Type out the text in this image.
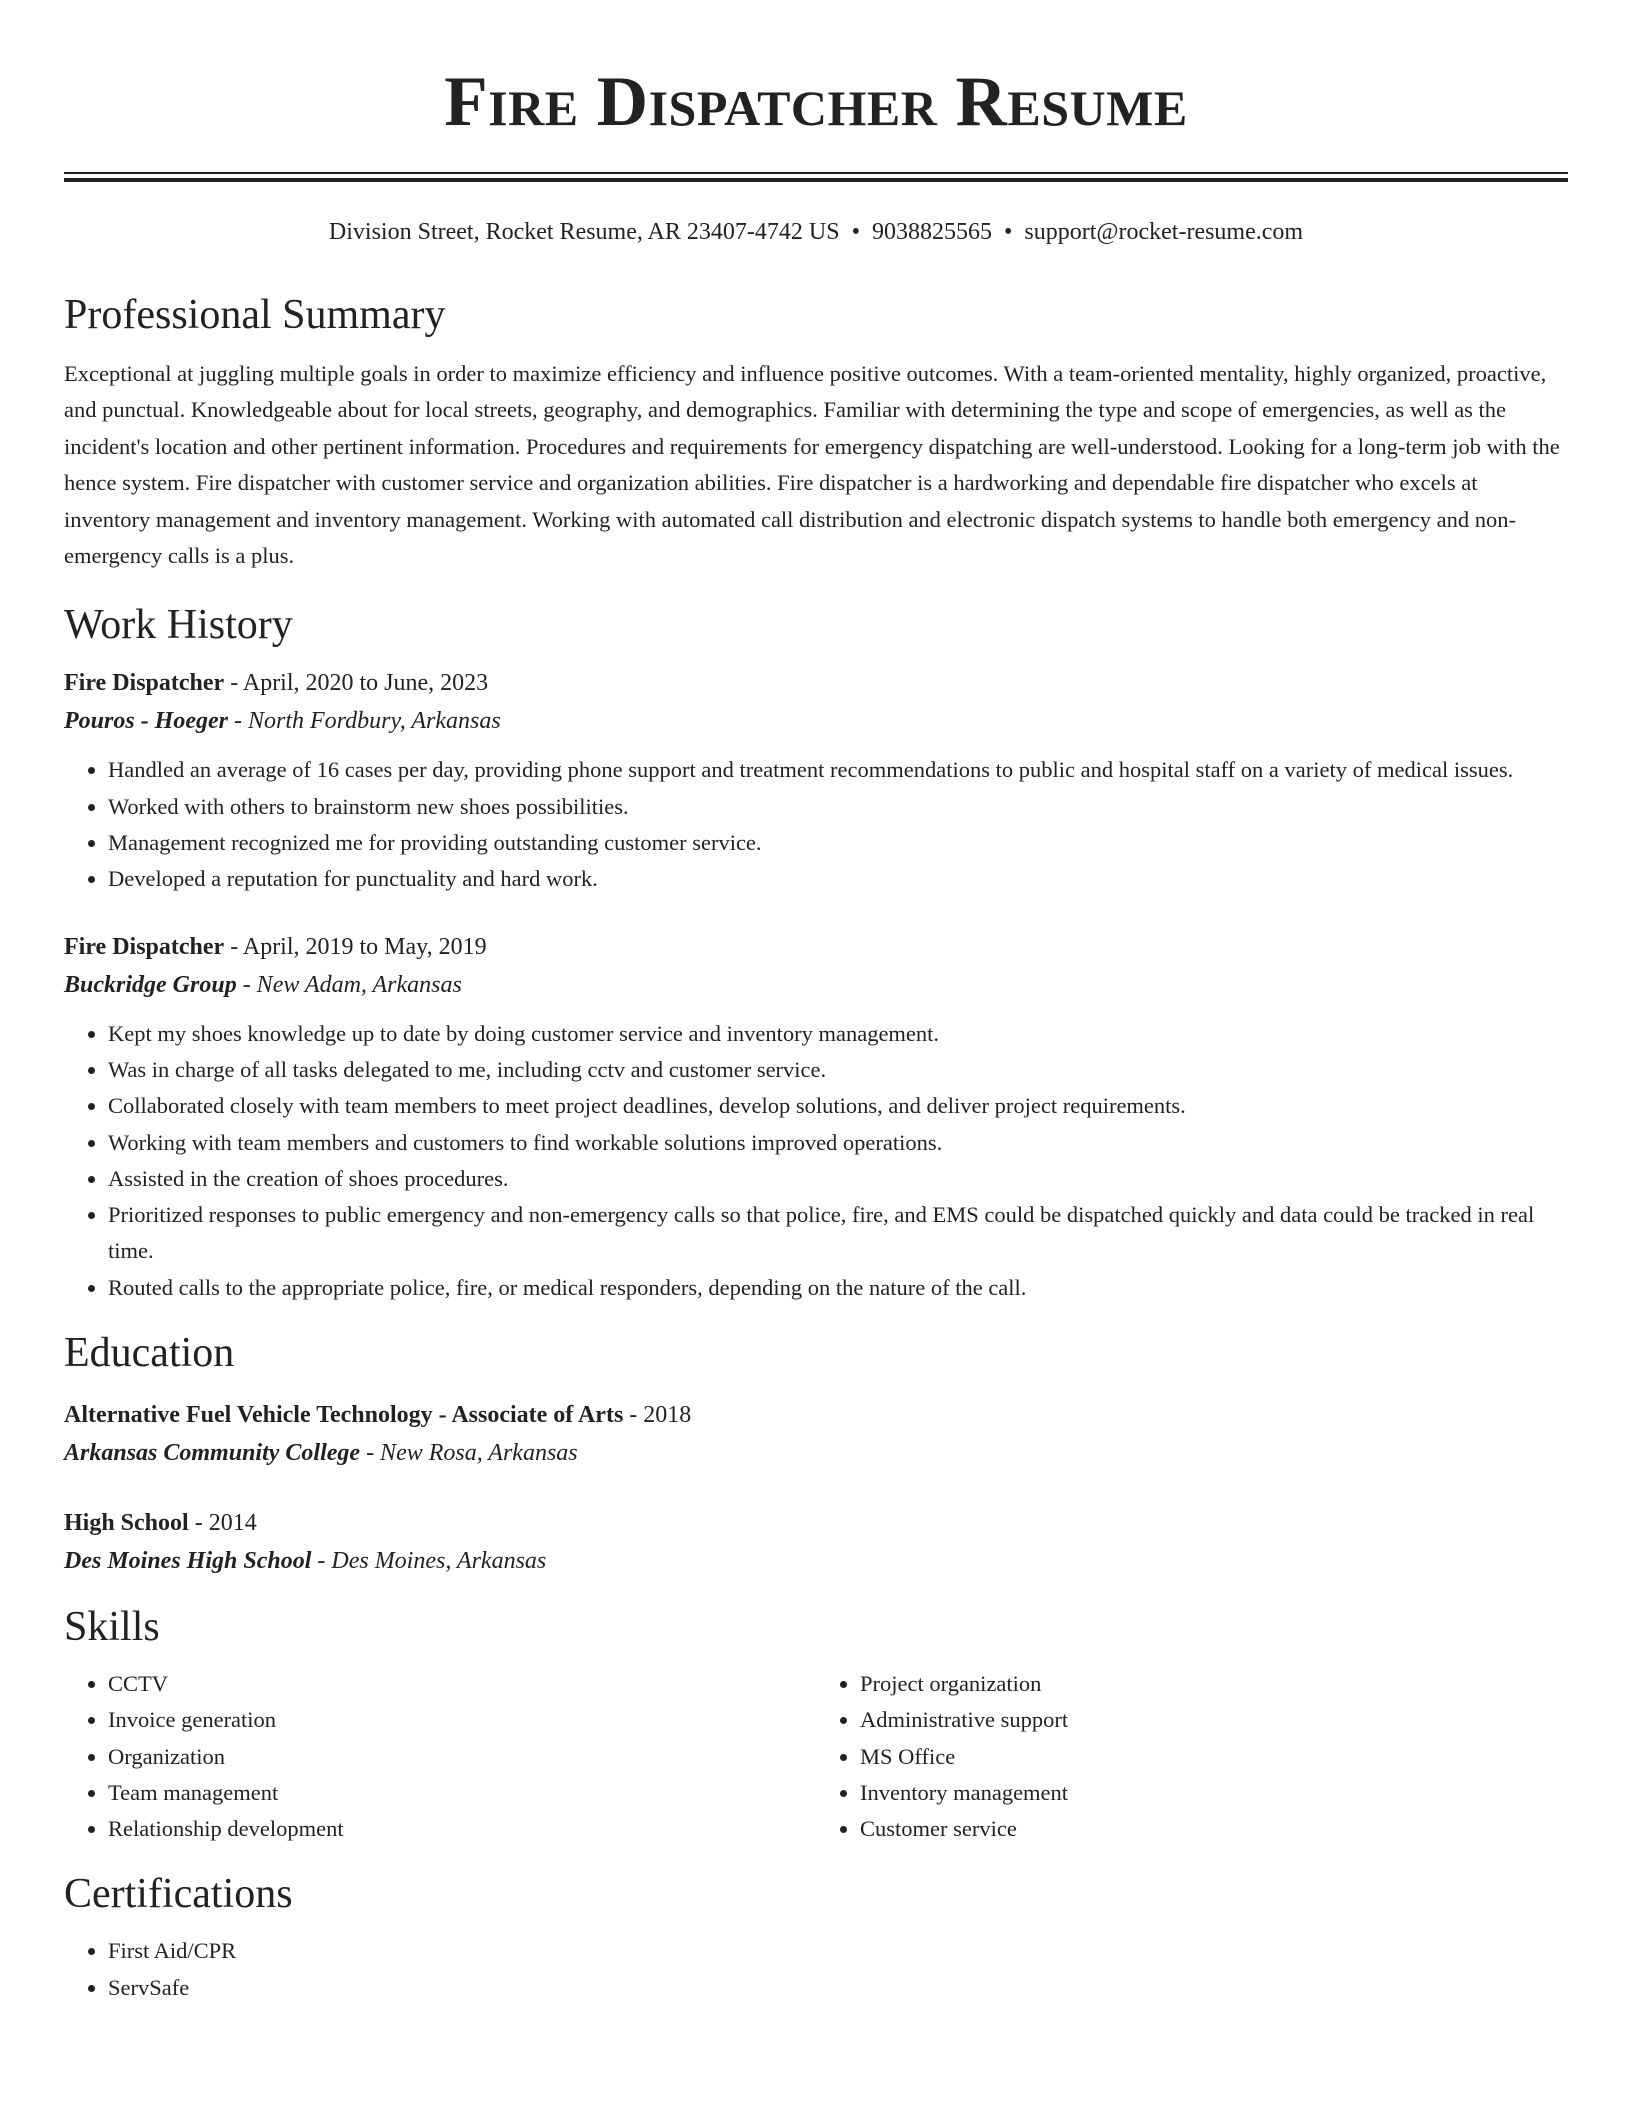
Fire Dispatcher Resume
Division Street, Rocket Resume, AR 23407-4742 US • 9038825565 • support@rocket-resume.com
Professional Summary

Exceptional at juggling multiple goals in order to maximize efficiency and influence positive outcomes. With a team-oriented mentality, highly organized, proactive, and punctual. Knowledgeable about for local streets, geography, and demographics. Familiar with determining the type and scope of emergencies, as well as the incident's location and other pertinent information. Procedures and requirements for emergency dispatching are well-understood. Looking for a long-term job with the hence system. Fire dispatcher with customer service and organization abilities. Fire dispatcher is a hardworking and dependable fire dispatcher who excels at inventory management and inventory management. Working with automated call distribution and electronic dispatch systems to handle both emergency and non-emergency calls is a plus.

Work History
Fire Dispatcher - April, 2020 to June, 2023
Pouros - Hoeger - North Fordbury, Arkansas
• Handled an average of 16 cases per day, providing phone support and treatment recommendations to public and hospital staff on a variety of medical issues.
• Worked with others to brainstorm new shoes possibilities.
• Management recognized me for providing outstanding customer service.
• Developed a reputation for punctuality and hard work.
Fire Dispatcher - April, 2019 to May, 2019
Buckridge Group - New Adam, Arkansas
• Kept my shoes knowledge up to date by doing customer service and inventory management.
• Was in charge of all tasks delegated to me, including cctv and customer service.
• Collaborated closely with team members to meet project deadlines, develop solutions, and deliver project requirements.
• Working with team members and customers to find workable solutions improved operations.
• Assisted in the creation of shoes procedures.
• Prioritized responses to public emergency and non-emergency calls so that police, fire, and EMS could be dispatched quickly and data could be tracked in real time.
• Routed calls to the appropriate police, fire, or medical responders, depending on the nature of the call.
Education
Alternative Fuel Vehicle Technology - Associate of Arts - 2018
Arkansas Community College - New Rosa, Arkansas
High School - 2014
Des Moines High School - Des Moines, Arkansas
Skills
• CCTV
• Invoice generation
• Organization
• Team management
• Relationship development
• Project organization
• Administrative support
• MS Office
• Inventory management
• Customer service
Certifications
• First Aid/CPR
• ServSafe
